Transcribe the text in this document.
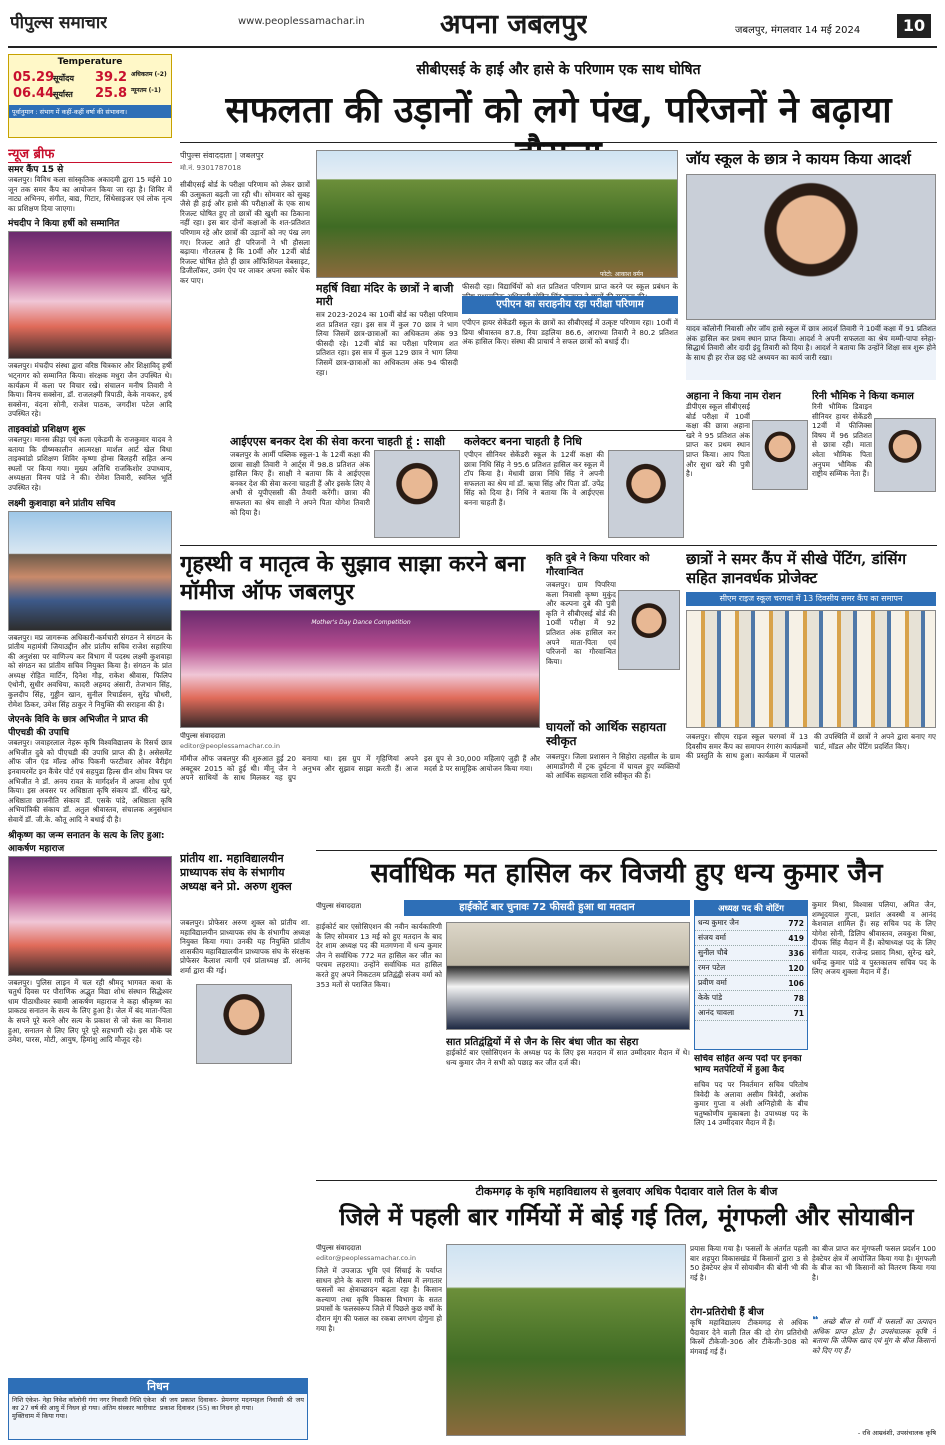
पीपुल्स समाचार	www.peoplessamachar.in	अपना जबलपुर	जबलपुर, मंगलवार 14 मई 2024	10
Temperature
05.29
सूर्योदय	39.2 अधिकतम (-2)
06.44
सूर्यास्त	25.8 न्यूनतम (-1)
पूर्वानुमान : संभाग में कहीं-कहीं वर्षा की संभावना।
सीबीएसई के हाई और हासे के परिणाम एक साथ घोषित
सफलता की उड़ानों को लगे पंख, परिजनों ने बढ़ाया
न्यूज ब्रीफ
समर कैंप 15 से
जबलपुर। विविध कला सांस्कृतिक अकादमी द्वारा 15 मईसे 10 जून तक समर कैंप का आयोजन किया जा रहा है। शिविर में नाट्य अभिनय, संगीत, बाद्य, गिटार, सिंथेसाइजर एवं लोक नृत्य का प्रशिक्षण दिया जाएगा।
मंचदीप ने किया हर्षी को सम्मानित
जबलपुर। मंचदीप संस्था द्वारा वरिष्ठ चित्रकार और शिक्षाविद् हर्षी भट्नागर को सम्मानित किया। संरक्षक मधुरा जैन उपस्थित थे। कार्यक्रम में कला पर विचार रखे। संचालन मनीष तिवारी ने किया। विनय सक्सेना, डॉ. राजलक्ष्मी त्रिपाठी, केके नायकर, हर्ष सक्सेना, वंदना सोनी, राजेश पाठक, जगदीश पटेल आदि उपस्थित रहे।
ताइक्वांडो प्रशिक्षण शुरू
जबलपुर। मानस क्रीड़ा एवं कला एकेडमी के राजकुमार यादव ने बताया कि ग्रीष्मकालीन आत्मरक्षा मार्शल आर्ट खेल विधा ताइक्वांडो प्रशिक्षण शिविर कृष्णा होम्स बिलहरी सहित अन्य स्थलों पर किया गया। मुख्य अतिथि राजकिशोर उपाध्याय, अध्यक्षता विनय पांडे ने की। रोमेश तिवारी, स्वनिल भूर्ति उपस्थित रहे।
लक्ष्मी कुशवाहा बने प्रांतीय सचिव
जबलपुर। मप्र जागरूक अधिकारी-कर्मचारी संगठन ने संगठन के प्रांतीय महामंत्री जियाउद्दीन और प्रांतीय सचिव राजेश सहारिया की अनुशंसा पर वाणिज्य कर विभाग में पदस्थ लक्ष्मी कुशवाहा को संगठन का प्रांतीय सचिव नियुक्त किया है। संगठन के प्रांत अध्यक्ष रोहित मार्टिन, दिनेश गौड़, राकेश श्रीवास, फिलिप एंथोनी, सुधीर अवधिया, कादरी अहमद अंसारी, तेजभान सिंह, कुलदीप सिंह, गुड्डीन खान, सुनील रिचार्डसन, सुरेंद्र चौधरी, रोमेश ठिकर, उमेश सिंह ठाकुर ने नियुक्ति की सराहना की है।
जेएनके विवि के छात्र अभिजीत ने प्राप्त की पीएचडी की उपाधि
जबलपुर। जवाहरलाल नेहरू कृषि विश्वविद्यालय के रिसर्च छात्र अभिजीत दुबे को पीएचडी की उपाधि प्राप्त की है। असेसमेंट ऑफ जीन एंड मॉल्ड ऑफ पिकनी फरटीवार ओवर वैरीइंग इनवायरमेंट इन कैंचेर पोर्ट एवं सहपुडा हिल्स ग्रीन शोध विषय पर अभिजीत ने डॉ. अनय रावत के मार्गदर्शन में अपना शोध पूर्ण किया। इस अवसर पर अधिष्ठाता कृषि संकाय डॉ. धीरेन्द्र खरे, अधिष्ठाता छात्रनीति संकाय डॉ. एसके पांडे, अधिष्ठाता कृषि अभियांत्रिकी संकाय डॉ. अतुल श्रीवास्तव, संचालक अनुसंधान सेवायें डॉ. जी.के. कौतू आदि ने बधाई दी है।
श्रीकृष्ण का जन्म सनातन के सत्य के लिए हुआ: आकर्षण महाराज
जबलपुर। पुलिस लाइन में चल रही श्रीमद् भागवत कथा के चतुर्थ दिवस पर पौराणिक अद्भुत विद्या शोध संस्थान सिद्धेश्वर धाम पीठाधीश्वर स्वामी आकर्षण महाराज ने कहा श्रीकृष्ण का प्राकट्य सनातन के सत्य के लिए हुआ है। जेल में बंद माता-पिता के सपने पूरे करने और सत्य के प्रकाश से जो कंस का विनाश हुआ, सनातन से लिए लिए पूरे पूरे सहभागी रहे। इस मौके पर उमेश, पारस, मोटी, आयुष, हिमांशु आदि मौजूद रहे।
निधन
निशि एंकेश- नेहा निवेश कॉलोनी गंगा नगर निवासी निशि एंकेश का 27 वर्ष की आयु में निधन हो गया। अंतिम संस्कार ग्वारीघाट मुक्तिधाम में किया गया।
श्री जय प्रकाश दिवाकर- प्रेमनगर मदनमहल निवासी श्री जय प्रकाश दिवाकर (55) का निधन हो गया।
पीपुल्स संवाददाता | जबलपुर
मो.नं. 9301787018
सीबीएसई बोर्ड के परीक्षा परिणाम को लेकर छात्रों की उत्सुकता बढ़ती जा रही थी। सोमवार को सुबह जैसे ही हाई और हासे की परीक्षाओं के एक साथ रिजल्ट घोषित हुए तो छात्रों की खुशी का ठिकाना नहीं रहा। इस बार दोनों कक्षाओं के शत-प्रतिशत परिणाम रहे और छात्रों की उड़ानों को नए पंख लग गए। रिजल्ट आते ही परिजनों ने भी हौसला बढ़ाया। गौरतलब है कि 10वीं और 12वीं बोर्ड रिजल्ट घोषित होते ही छात्र ऑफिशियल वेबसाइट, डिजीलॉकर, उमंग ऐप पर जाकर अपना स्कोर चेक कर पाए।
फोटो: आकाश वर्मन
महर्षि विद्या मंदिर के छात्रों ने बाजी मारी
सत्र 2023-2024 का 10वीं बोर्ड का परीक्षा परिणाम शत प्रतिशत रहा। इस सत्र में कुल 70 छात्र ने भाग लिया जिसमें छात्र-छात्राओं का अधिकतम अंक 93 फीसदी रहे। 12वीं बोर्ड का परीक्षा परिणाम शत प्रतिशत रहा। इस सत्र में कुल 129 छात्र ने भाग लिया जिसमें छात्र-छात्राओं का अधिकतम अंक 94 फीसदी रहा।
फीसदी रहा। विद्यार्थियों को शत प्रतिशत परिणाम प्राप्त करने पर स्कूल प्रबंधन के
एपीएन का सराहनीय रहा परीक्षा परिणाम
एपीएन हायर सेकेंडरी स्कूल के छात्रों का सीबीएसई में उत्कृष्ट परिणाम रहा। 10वीं में प्रिया श्रीवास्तव 87.8, रिया डहलिया 86.6, आराध्या तिवारी ने 80.2 प्रतिशत अंक हासिल किए। संस्था की प्राचार्य ने सफल छात्रों को बधाई दी।
जॉय स्कूल के छात्र ने कायम किया आदर्श
यादव कॉलोनी निवासी और जॉय हासे स्कूल में छात्र आदर्श तिवारी ने 10वीं कक्षा में 91 प्रतिशत अंक हासिल कर प्रथम स्थान प्राप्त किया। आदर्श ने अपनी सफलता का श्रेय मम्मी-पापा स्नेहा-सिद्धार्थ तिवारी और दादी इंदु तिवारी को दिया है। आदर्श ने बताया कि उन्होंने शिक्षा सत्र शुरू होने के साथ ही हर रोज छह घंटे अध्ययन का कार्य जारी रखा।
आईएएस बनकर देश की सेवा करना चाहती हूं : साक्षी
जबलपुर के आर्मी पब्लिक स्कूल-1 के 12वीं कक्षा की छात्रा साक्षी तिवारी ने आर्ट्स में 98.8 प्रतिशत अंक हासिल किए हैं। साक्षी ने बताया कि वे आईएएस बनकर देश की सेवा करना चाहती हैं और इसके लिए वे अभी से यूपीएससी की तैयारी करेंगी। छात्रा की सफलता का श्रेय साक्षी ने अपने पिता योगेश तिवारी को दिया है।
कलेक्टर बनना चाहती है निधि
एपीएन सीनियर सेकेंडरी स्कूल के 12वीं कक्षा की छात्रा निधि सिंह ने 95.6 प्रतिशत हासिल कर स्कूल में टॉप किया है। मेधावी छात्रा निधि सिंह ने अपनी सफलता का श्रेय मां डॉ. ऋचा सिंह और पिता डॉ. उपेंद्र सिंह को दिया है। निधि ने बताया कि वे आईएएस बनना चाहती हैं।
अहाना ने किया नाम रोशन
डीपीएस स्कूल सीबीएसई बोर्ड परीक्षा में 10वीं कक्षा की छात्रा अहाना खरे ने 95 प्रतिशत अंक प्राप्त कर प्रथम स्थान प्राप्त किया। आप पिता और सुधा खरे की पुत्री है।
रिनी भौमिक ने किया कमाल
रिनी भौमिक डिवाइन सीनियर हायर सेकेंडरी 12वीं में फीजिक्स विषय में 96 प्रतिशत से छात्रा रही। माता श्वेता भौमिक पिता अनुपम भौमिक की राष्ट्रीय सम्मिक नेता हैं।
गृहस्थी व मातृत्व के सुझाव साझा करने बना मॉमीज ऑफ जबलपुर
Mother's Day Dance Competition
पीपुल्स संवाददाता
editor@peoplessamachar.co.in
मॉमीज ऑफ जबलपुर की शुरुआत हुई 20 अक्टूबर 2015 को हुई थी। मीनू जैन ने अपने साथियों के साथ मिलकर यह ग्रुप बनाया था। इस ग्रुप में गृहिणियां अपने अनुभव और सुझाव साझा करती हैं। आज इस ग्रुप से 30,000 महिलाएं जुड़ी हैं और मदर्स डे पर सामूहिक आयोजन किया गया।
प्रांतीय शा. महाविद्यालयीन प्राध्यापक संघ के संभागीय अध्यक्ष बने प्रो. अरुण शुक्ल
जबलपुर। प्रोफेसर अरुण शुक्ल को प्रांतीय शा. महाविद्यालयीन प्राध्यापक संघ के संभागीय अध्यक्ष नियुक्त किया गया। उनकी यह नियुक्ति प्रांतीय शासकीय महाविद्यालयीन प्राध्यापक संघ के संरक्षक प्रोफेसर कैलाश त्यागी एवं प्रांताध्यक्ष डॉ. आनंद शर्मा द्वारा की गई।
कृति दुबे ने किया परिवार को गौरवान्वित
जबलपुर। ग्राम पिपरिया कला निवासी कृष्ण मुकुंद और कल्पना दुबे की पुत्री कृति ने सीबीएसई बोर्ड की 10वीं परीक्षा में 92 प्रतिशत अंक हासिल कर अपने माता-पिता एवं परिजनों का गौरवान्वित किया।
घायलों को आर्थिक सहायता स्वीकृत
जबलपुर। जिला प्रशासन ने सिहोरा तहसील के ग्राम आमाडोंगरी में ट्रक दुर्घटना में घायल हुए व्यक्तियों को आर्थिक सहायता राशि स्वीकृत की है।
छात्रों ने समर कैंप में सीखे पेंटिंग, डांसिंग सहित ज्ञानवर्धक प्रोजेक्ट
सीएम राइज स्कूल चरगवां में 13 दिवसीय समर कैंप का समापन
जबलपुर। सीएम राइज स्कूल चरगवां में 13 दिवसीय समर कैंप का समापन रंगारंग कार्यक्रमों की प्रस्तुति के साथ हुआ। कार्यक्रम में पालकों की उपस्थिति में छात्रों ने अपने द्वारा बनाए गए चार्ट, मॉडल और पेंटिंग प्रदर्शित किए।
सर्वाधिक मत हासिल कर विजयी हुए धन्य कुमार जैन
पीपुल्स संवाददाता	हाईकोर्ट बार चुनावः 72 फीसदी हुआ था मतदान
हाईकोर्ट बार एसोसिएशन की नवीन कार्यकारिणी के लिए सोमवार 13 मई को हुए मतदान के बाद देर शाम अध्यक्ष पद की मतगणना में धन्य कुमार जैन ने सर्वाधिक 772 मत हासिल कर जीत का परचम लहराया। उन्होंने सर्वाधिक मत हासिल करते हुए अपने निकटतम प्रतिद्वंद्वी संजय वर्मा को 353 मतों से पराजित किया।
सात प्रतिद्वंद्वियों में से जैन के सिर बंधा जीत का सेहरा
हाईकोर्ट बार एसोसिएशन के अध्यक्ष पद के लिए इस मतदान में सात उम्मीदवार मैदान में थे। धन्य कुमार जैन ने सभी को पछाड़ कर जीत दर्ज की।
अध्यक्ष पद की वोटिंग
धन्य कुमार जैन	772
संजय वर्मा	419
सुनील चौबे	336
रमन पटेल	120
प्रवीण वर्मा	106
केके पांडे	78
आनंद चावला	71
सचिव सहित अन्य पदों पर इनका भाग्य मतपेटियों में हुआ कैद
सचिव पद पर निवर्तमान सचिव परितोष त्रिवेदी के अलावा असीम त्रिवेदी, अशोक कुमार गुप्ता व अंशी अग्निहोत्री के बीच चतुष्कोणीय मुकाबला है। उपाध्यक्ष पद के लिए 14 उम्मीदवार मैदान में हैं।
कुमार मिश्रा, विश्वास पलिया, अमित जैन, शम्भूदयाल गुप्ता, प्रशांत अवस्थी व आनंद केशवाल शामिल हैं। सह सचिव पद के लिए योगेश सोनी, डिलिप श्रीवास्तव, लवकुश मिश्रा, दीपक सिंह मैदान में हैं। कोषाध्यक्ष पद के लिए संगीता यादव, राजेन्द्र प्रसाद मिश्रा, सुरेन्द्र खरे, धर्मेन्द्र कुमार पांडे व पुस्तकालय सचिव पद के लिए अजय शुक्ला मैदान में हैं।
टीकमगढ़ के कृषि महाविद्यालय से बुलवाए अधिक पैदावार वाले तिल के बीज
जिले में पहली बार गर्मियों में बोई गई तिल, मूंगफली और सोयाबीन
पीपुल्स संवाददाता
editor@peoplessamachar.co.in
जिले में उपजाऊ भूमि एवं सिंचाई के पर्याप्त साधन होने के कारण गर्मी के मौसम में लगातार फसलों का क्षेत्राच्छादन बढ़ता रहा है। किसान कल्याण तथा कृषि विकास विभाग के सतत प्रयासों के फलस्वरूप जिले में पिछले कुछ वर्षों के दौरान मूंग की फसल का रकबा लगभग दोगुना हो गया है।
प्रयास किया गया है। फसलों के अंतर्गत पहली बार शहपुरा विकासखंड में किसानों द्वारा 3 से 50 हेक्टेयर क्षेत्र में सोयाबीन की बोनी भी की गई है।
रोग-प्रतिरोधी हैं बीज
कृषि महाविद्यालय टीकमगढ़ से अधिक पैदावार देने वाली तिल की दो रोग प्रतिरोधी किस्में टीकेजी-306 और टीकेजी-308 को मंगवाई गई हैं।
का बीज प्राप्त कर मूंगफली फसल प्रदर्शन 100 हेक्टेयर क्षेत्र में आयोजित किया गया है। मूंगफली के बीज का भी किसानों को वितरण किया गया है।
❝ अच्छे बीज से गर्मी में फसलों का उत्पादन अधिक प्राप्त होता है। उपसंचालक कृषि ने बताया कि जैविक खाद एवं मूंग के बीज किसानों को दिए गए हैं।
- रवि आम्रवंशी, उपसंचालक कृषि
